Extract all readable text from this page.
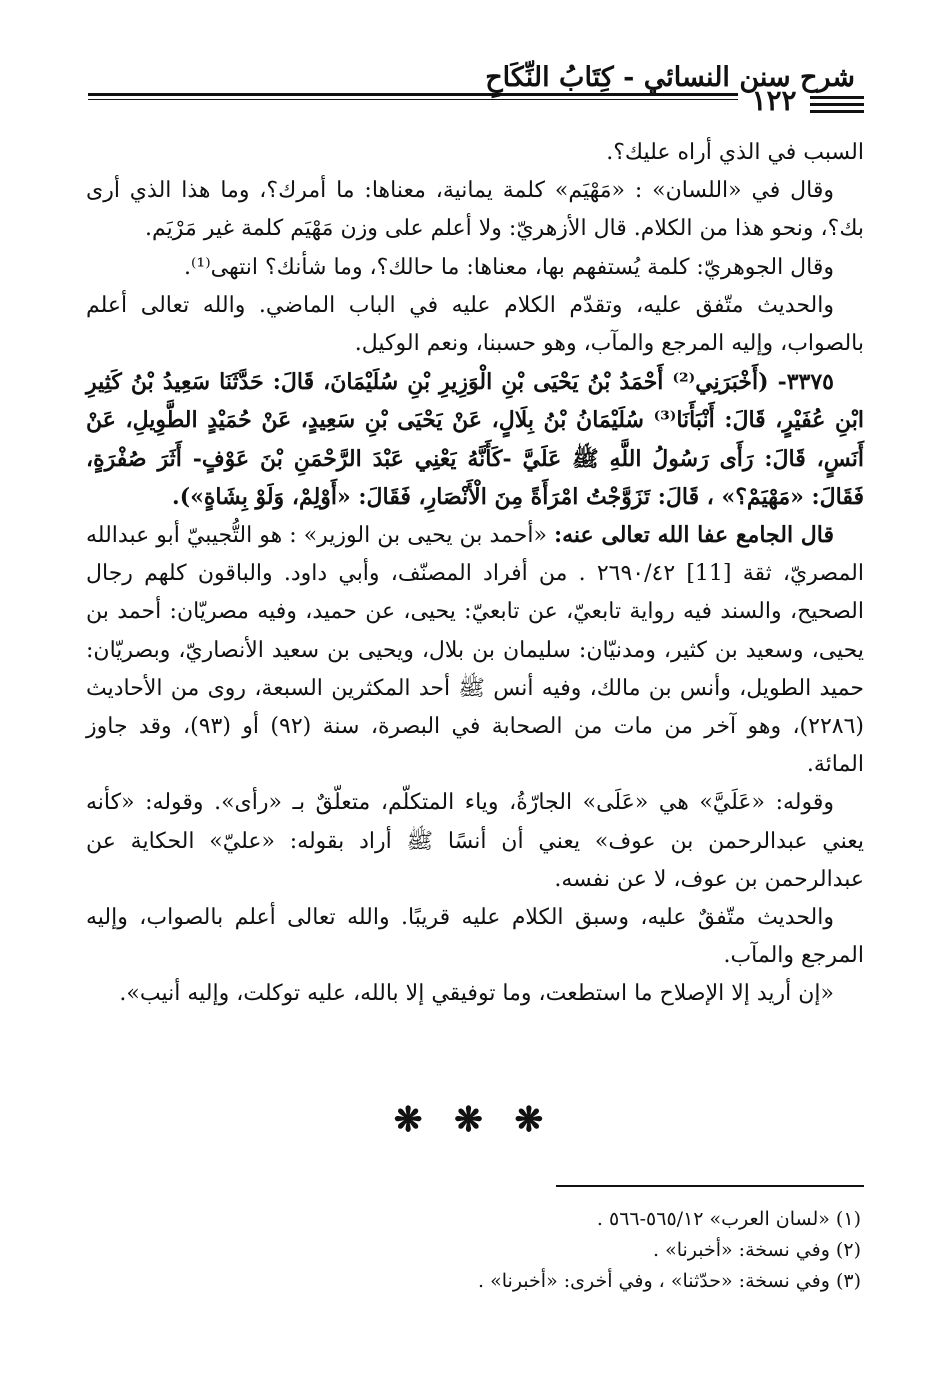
شرح سنن النسائي - كِتَابُ النِّكَاحِ
١٢٢

السبب في الذي أراه عليك؟.

وقال في «اللسان» : «مَهْيَم» كلمة يمانية، معناها: ما أمرك؟، وما هذا الذي أرى بك؟، ونحو هذا من الكلام. قال الأزهريّ: ولا أعلم على وزن مَهْيَم كلمة غير مَرْيَم.

وقال الجوهريّ: كلمة يُستفهم بها، معناها: ما حالك؟، وما شأنك؟ انتهى⁽¹⁾.

والحديث متّفق عليه، وتقدّم الكلام عليه في الباب الماضي. والله تعالى أعلم بالصواب، وإليه المرجع والمآب، وهو حسبنا، ونعم الوكيل.

٣٣٧٥- (أَخْبَرَنِي⁽²⁾ أَحْمَدُ بْنُ يَحْيَى بْنِ الْوَزِيرِ بْنِ سُلَيْمَانَ، قَالَ: حَدَّثَنَا سَعِيدُ بْنُ كَثِيرِ ابْنِ عُفَيْرٍ، قَالَ: أَنْبَأَنَا⁽³⁾ سُلَيْمَانُ بْنُ بِلَالٍ، عَنْ يَحْيَى بْنِ سَعِيدٍ، عَنْ حُمَيْدٍ الطَّوِيلِ، عَنْ أَنَسٍ، قَالَ: رَأَى رَسُولُ اللَّهِ ﷺ عَلَيَّ -كَأَنَّهُ يَعْنِي عَبْدَ الرَّحْمَنِ بْنَ عَوْفٍ- أَثَرَ صُفْرَةٍ، فَقَالَ: «مَهْيَمْ؟» ، قَالَ: تَزَوَّجْتُ امْرَأَةً مِنَ الْأَنْصَارِ، فَقَالَ: «أَوْلِمْ، وَلَوْ بِشَاةٍ»).

قال الجامع عفا الله تعالى عنه: «أحمد بن يحيى بن الوزير» : هو التُّجيبيّ أبو عبدالله المصريّ، ثقة [11] ٢٦٩٠/٤٢ . من أفراد المصنّف، وأبي داود. والباقون كلهم رجال الصحيح، والسند فيه رواية تابعيّ، عن تابعيّ: يحيى، عن حميد، وفيه مصريّان: أحمد بن يحيى، وسعيد بن كثير، ومدنيّان: سليمان بن بلال، ويحيى بن سعيد الأنصاريّ، وبصريّان: حميد الطويل، وأنس بن مالك، وفيه أنس ﷺ أحد المكثرين السبعة، روى من الأحاديث (٢٢٨٦)، وهو آخر من مات من الصحابة في البصرة، سنة (٩٢) أو (٩٣)، وقد جاوز المائة.

وقوله: «عَلَيَّ» هي «عَلَى» الجارّةُ، وياء المتكلّم، متعلّقٌ بـ «رأى». وقوله: «كأنه يعني عبدالرحمن بن عوف» يعني أن أنسًا ﷺ أراد بقوله: «عليّ» الحكاية عن عبدالرحمن بن عوف، لا عن نفسه.

والحديث متّفقٌ عليه، وسبق الكلام عليه قريبًا. والله تعالى أعلم بالصواب، وإليه المرجع والمآب.

«إن أريد إلا الإصلاح ما استطعت، وما توفيقي إلا بالله، عليه توكلت، وإليه أنيب».

❋ ❋ ❋
(١) «لسان العرب» ٥٦٥/١٢-٥٦٦ .
(٢) وفي نسخة: «أخبرنا» .
(٣) وفي نسخة: «حدّثنا» ، وفي أخرى: «أخبرنا» .
